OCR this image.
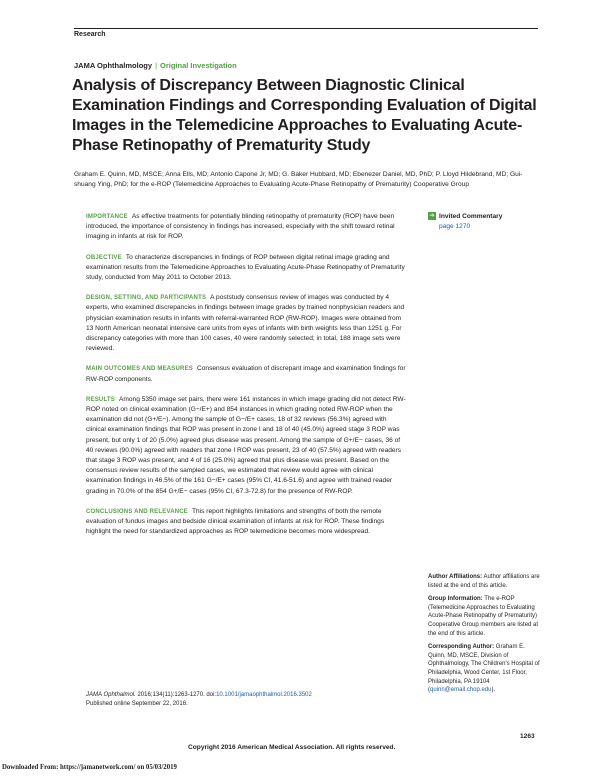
Research
JAMA Ophthalmology | Original Investigation
Analysis of Discrepancy Between Diagnostic Clinical Examination Findings and Corresponding Evaluation of Digital Images in the Telemedicine Approaches to Evaluating Acute-Phase Retinopathy of Prematurity Study
Graham E. Quinn, MD, MSCE; Anna Ells, MD; Antonio Capone Jr, MD; G. Baker Hubbard, MD; Ebenezer Daniel, MD, PhD; P. Lloyd Hildebrand, MD; Gui-shuang Ying, PhD; for the e-ROP (Telemedicine Approaches to Evaluating Acute-Phase Retinopathy of Prematurity) Cooperative Group

IMPORTANCE As effective treatments for potentially blinding retinopathy of prematurity (ROP) have been introduced, the importance of consistency in findings has increased, especially with the shift toward retinal imaging in infants at risk for ROP.

OBJECTIVE To characterize discrepancies in findings of ROP between digital retinal image grading and examination results from the Telemedicine Approaches to Evaluating Acute-Phase Retinopathy of Prematurity study, conducted from May 2011 to October 2013.

DESIGN, SETTING, AND PARTICIPANTS A poststudy consensus review of images was conducted by 4 experts, who examined discrepancies in findings between image grades by trained nonphysician readers and physician examination results in infants with referral-warranted ROP (RW-ROP). Images were obtained from 13 North American neonatal intensive care units from eyes of infants with birth weights less than 1251 g. For discrepancy categories with more than 100 cases, 40 were randomly selected; in total, 188 image sets were reviewed.

MAIN OUTCOMES AND MEASURES Consensus evaluation of discrepant image and examination findings for RW-ROP components.

RESULTS Among 5350 image set pairs, there were 161 instances in which image grading did not detect RW-ROP noted on clinical examination (G−/E+) and 854 instances in which grading noted RW-ROP when the examination did not (G+/E−). Among the sample of G−/E+ cases, 18 of 32 reviews (56.3%) agreed with clinical examination findings that ROP was present in zone I and 18 of 40 (45.0%) agreed stage 3 ROP was present, but only 1 of 20 (5.0%) agreed plus disease was present. Among the sample of G+/E− cases, 36 of 40 reviews (90.0%) agreed with readers that zone I ROP was present, 23 of 40 (57.5%) agreed with readers that stage 3 ROP was present, and 4 of 16 (25.0%) agreed that plus disease was present. Based on the consensus review results of the sampled cases, we estimated that review would agree with clinical examination findings in 46.5% of the 161 G−/E+ cases (95% CI, 41.6-51.6) and agree with trained reader grading in 70.0% of the 854 G+/E− cases (95% CI, 67.3-72.8) for the presence of RW-ROP.

CONCLUSIONS AND RELEVANCE This report highlights limitations and strengths of both the remote evaluation of fundus images and bedside clinical examination of infants at risk for ROP. These findings highlight the need for standardized approaches as ROP telemedicine becomes more widespread.

➔ Invited Commentary
page 1270

Author Affiliations: Author affiliations are listed at the end of this article.

Group Information: The e-ROP (Telemedicine Approaches to Evaluating Acute-Phase Retinopathy of Prematurity) Cooperative Group members are listed at the end of this article.

Corresponding Author: Graham E. Quinn, MD, MSCE, Division of Ophthalmology, The Children's Hospital of Philadelphia, Wood Center, 1st Floor, Philadelphia, PA 19104 (quinn@email.chop.edu).

JAMA Ophthalmol. 2016;134(11):1263-1270. doi:10.1001/jamaophthalmol.2016.3502
Published online September 22, 2016.
1263
Copyright 2016 American Medical Association. All rights reserved.
Downloaded From: https://jamanetwork.com/ on 05/03/2019
